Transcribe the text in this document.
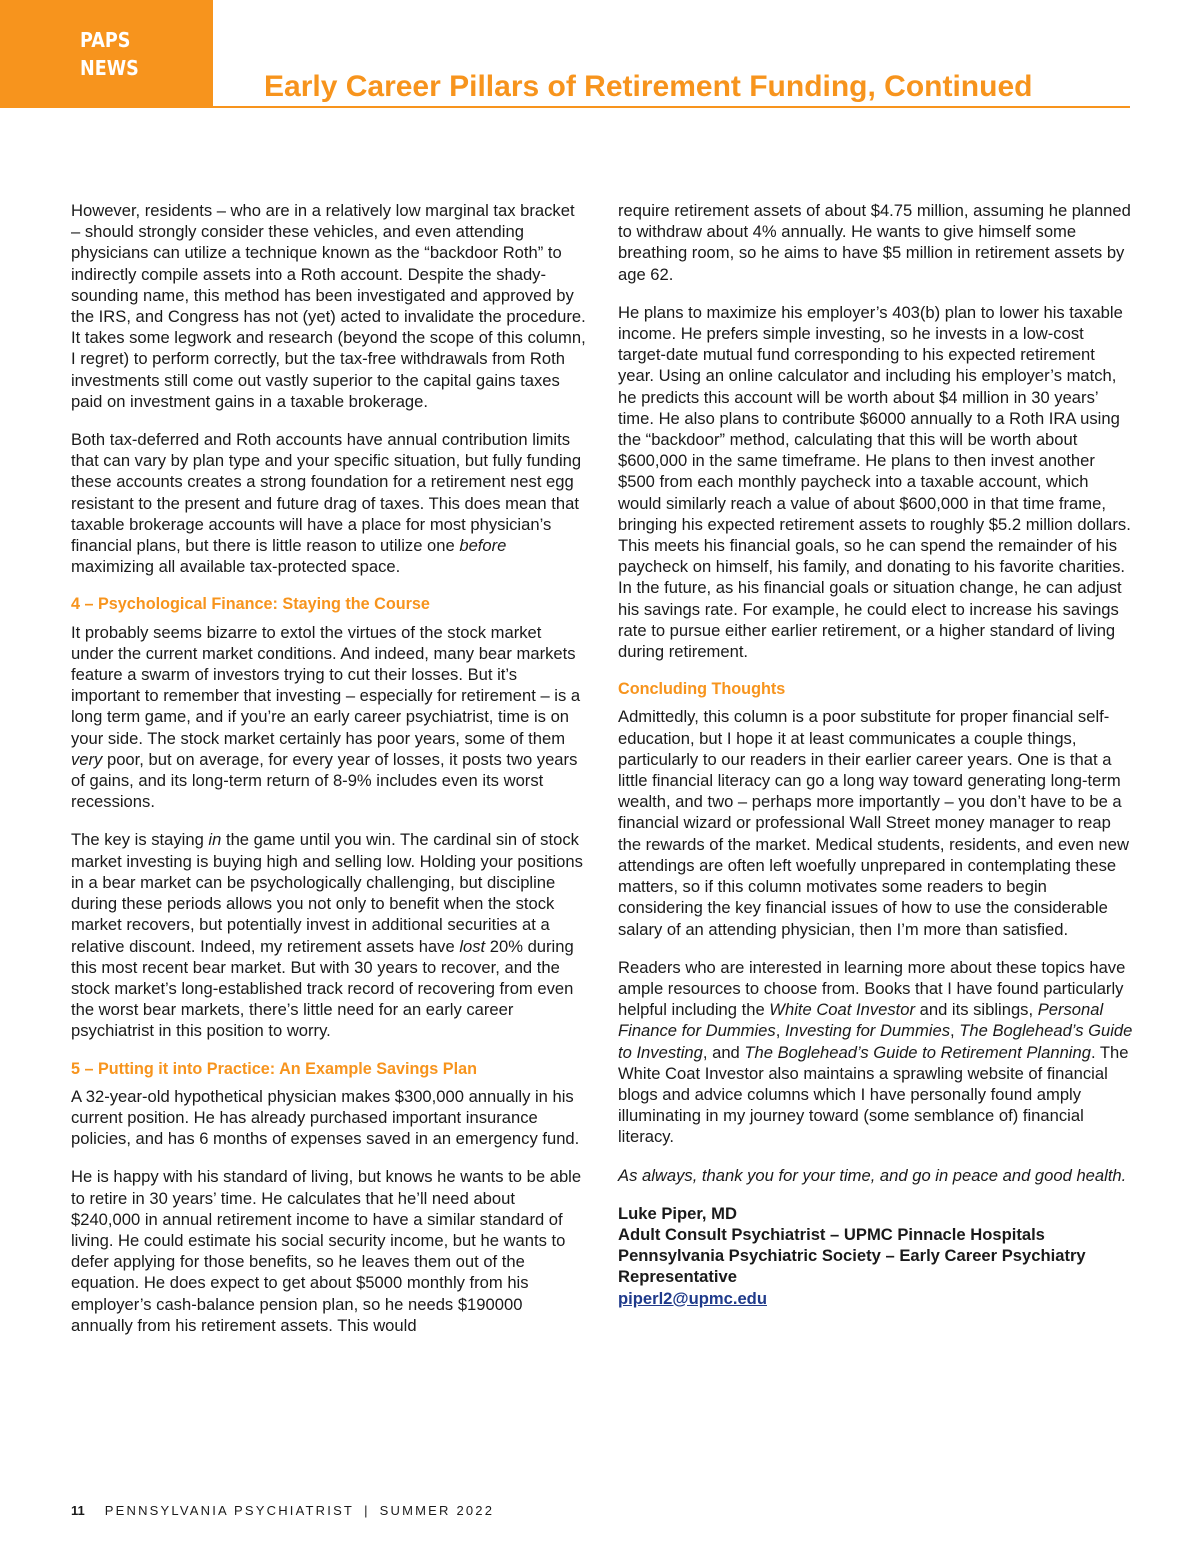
PAPS
NEWS
Early Career Pillars of Retirement Funding, Continued

However, residents – who are in a relatively low marginal tax bracket – should strongly consider these vehicles, and even attending physicians can utilize a technique known as the “backdoor Roth” to indirectly compile assets into a Roth account. Despite the shady-sounding name, this method has been investigated and approved by the IRS, and Congress has not (yet) acted to invalidate the procedure. It takes some legwork and research (beyond the scope of this column, I regret) to perform correctly, but the tax-free withdrawals from Roth investments still come out vastly superior to the capital gains taxes paid on investment gains in a taxable brokerage.

Both tax-deferred and Roth accounts have annual contribution limits that can vary by plan type and your specific situation, but fully funding these accounts creates a strong foundation for a retirement nest egg resistant to the present and future drag of taxes. This does mean that taxable brokerage accounts will have a place for most physician’s financial plans, but there is little reason to utilize one before maximizing all available tax-protected space.

4 – Psychological Finance: Staying the Course

It probably seems bizarre to extol the virtues of the stock market under the current market conditions. And indeed, many bear markets feature a swarm of investors trying to cut their losses. But it’s important to remember that investing – especially for retirement – is a long term game, and if you’re an early career psychiatrist, time is on your side. The stock market certainly has poor years, some of them very poor, but on average, for every year of losses, it posts two years of gains, and its long-term return of 8-9% includes even its worst recessions.

The key is staying in the game until you win. The cardinal sin of stock market investing is buying high and selling low. Holding your positions in a bear market can be psychologically challenging, but discipline during these periods allows you not only to benefit when the stock market recovers, but potentially invest in additional securities at a relative discount. Indeed, my retirement assets have lost 20% during this most recent bear market. But with 30 years to recover, and the stock market’s long-established track record of recovering from even the worst bear markets, there’s little need for an early career psychiatrist in this position to worry.

5 – Putting it into Practice: An Example Savings Plan

A 32-year-old hypothetical physician makes $300,000 annually in his current position. He has already purchased important insurance policies, and has 6 months of expenses saved in an emergency fund.

He is happy with his standard of living, but knows he wants to be able to retire in 30 years’ time. He calculates that he’ll need about $240,000 in annual retirement income to have a similar standard of living. He could estimate his social security income, but he wants to defer applying for those benefits, so he leaves them out of the equation. He does expect to get about $5000 monthly from his employer’s cash-balance pension plan, so he needs $190000 annually from his retirement assets. This would

require retirement assets of about $4.75 million, assuming he planned to withdraw about 4% annually. He wants to give himself some breathing room, so he aims to have $5 million in retirement assets by age 62.

He plans to maximize his employer’s 403(b) plan to lower his taxable income. He prefers simple investing, so he invests in a low-cost target-date mutual fund corresponding to his expected retirement year. Using an online calculator and including his employer’s match, he predicts this account will be worth about $4 million in 30 years’ time. He also plans to contribute $6000 annually to a Roth IRA using the “backdoor” method, calculating that this will be worth about $600,000 in the same timeframe. He plans to then invest another $500 from each monthly paycheck into a taxable account, which would similarly reach a value of about $600,000 in that time frame, bringing his expected retirement assets to roughly $5.2 million dollars. This meets his financial goals, so he can spend the remainder of his paycheck on himself, his family, and donating to his favorite charities. In the future, as his financial goals or situation change, he can adjust his savings rate. For example, he could elect to increase his savings rate to pursue either earlier retirement, or a higher standard of living during retirement.

Concluding Thoughts

Admittedly, this column is a poor substitute for proper financial self-education, but I hope it at least communicates a couple things, particularly to our readers in their earlier career years. One is that a little financial literacy can go a long way toward generating long-term wealth, and two – perhaps more importantly – you don’t have to be a financial wizard or professional Wall Street money manager to reap the rewards of the market. Medical students, residents, and even new attendings are often left woefully unprepared in contemplating these matters, so if this column motivates some readers to begin considering the key financial issues of how to use the considerable salary of an attending physician, then I’m more than satisfied.

Readers who are interested in learning more about these topics have ample resources to choose from. Books that I have found particularly helpful including the White Coat Investor and its siblings, Personal Finance for Dummies, Investing for Dummies, The Boglehead’s Guide to Investing, and The Boglehead’s Guide to Retirement Planning. The White Coat Investor also maintains a sprawling website of financial blogs and advice columns which I have personally found amply illuminating in my journey toward (some semblance of) financial literacy.

As always, thank you for your time, and go in peace and good health.

Luke Piper, MD

Adult Consult Psychiatrist – UPMC Pinnacle Hospitals

Pennsylvania Psychiatric Society – Early Career Psychiatry Representative

piperl2@upmc.edu

11 PENNSYLVANIA PSYCHIATRIST | SUMMER 2022
